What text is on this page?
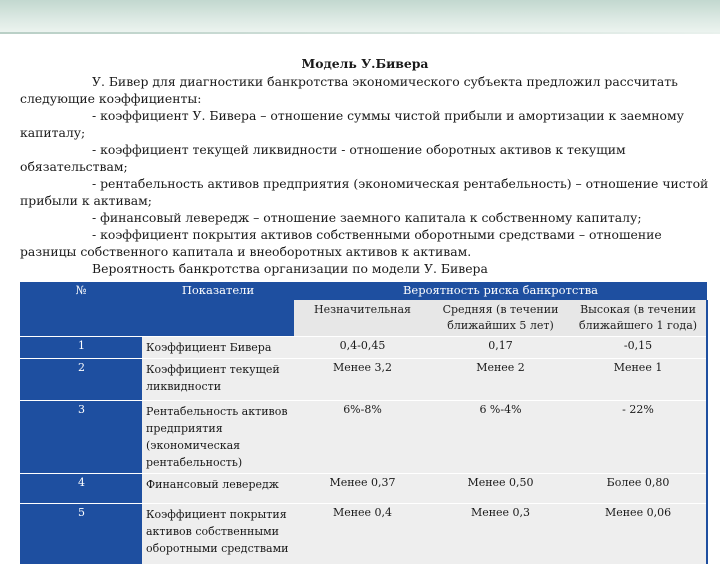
Модель У.Бивера

У. Бивер для диагностики банкротства экономического субъекта предложил рассчитать следующие коэффициенты:

- коэффициент У. Бивера – отношение суммы чистой прибыли и амортизации к заемному капиталу;

- коэффициент текущей ликвидности - отношение оборотных активов к текущим обязательствам;

- рентабельность активов предприятия (экономическая рентабельность) – отношение чистой прибыли к активам;

- финансовый левередж – отношение заемного капитала к собственному капиталу;

- коэффициент покрытия активов собственными оборотными средствами – отношение разницы собственного капитала и внеоборотных активов к активам.

Вероятность банкротства организации по модели У. Бивера

№	Показатели	Вероятность риска банкротства		
		Незначительная	Средняя (в течении ближайших 5 лет)	Высокая (в течении ближайшего 1 года)
1	Коэффициент Бивера	0,4-0,45	0,17	-0,15
2	Коэффициент текущей ликвидности	Менее 3,2	Менее 2	Менее 1
3	Рентабельность активов предприятия (экономическая рентабельность)	6%-8%	6 %-4%	- 22%
4	Финансовый левередж	Менее 0,37	Менее 0,50	Более 0,80
5	Коэффициент покрытия активов собственными оборотными средствами	Менее 0,4	Менее 0,3	Менее 0,06
